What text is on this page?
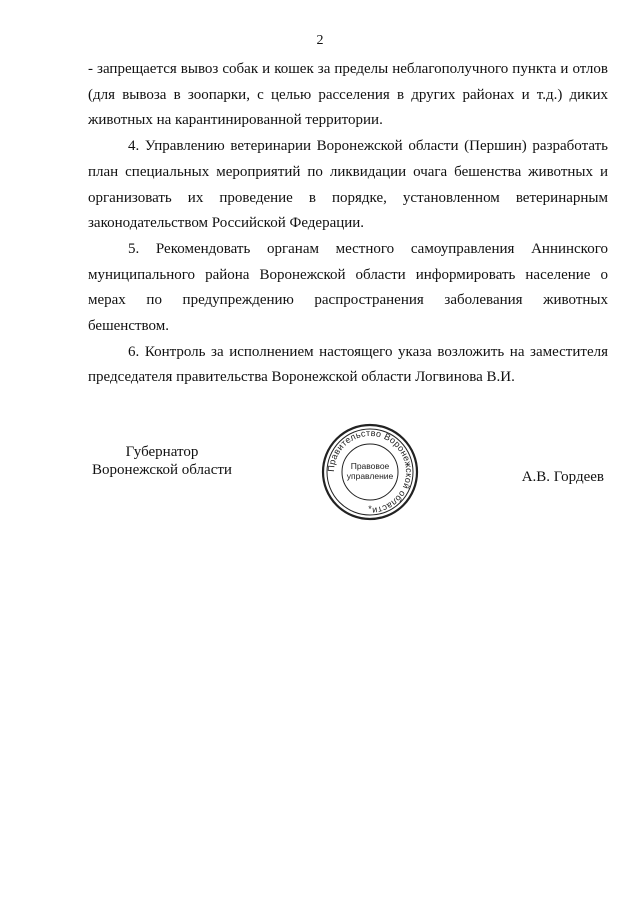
2

- запрещается вывоз собак и кошек за пределы неблагополучного пункта и отлов (для вывоза в зоопарки, с целью расселения в других районах и т.д.) диких животных на карантинированной территории.

4. Управлению ветеринарии Воронежской области (Першин) разработать план специальных мероприятий по ликвидации очага бешенства животных и организовать их проведение в порядке, установленном ветеринарным законодательством Российской Федерации.

5. Рекомендовать органам местного самоуправления Аннинского муниципального района Воронежской области информировать население о мерах по предупреждению распространения заболевания животных бешенством.

6. Контроль за исполнением настоящего указа возложить на заместителя председателя правительства Воронежской области Логвинова В.И.

Губернатор
Воронежской области	Правительство Воронежской области
Правовое
управление
*
А.В. Гордеев
